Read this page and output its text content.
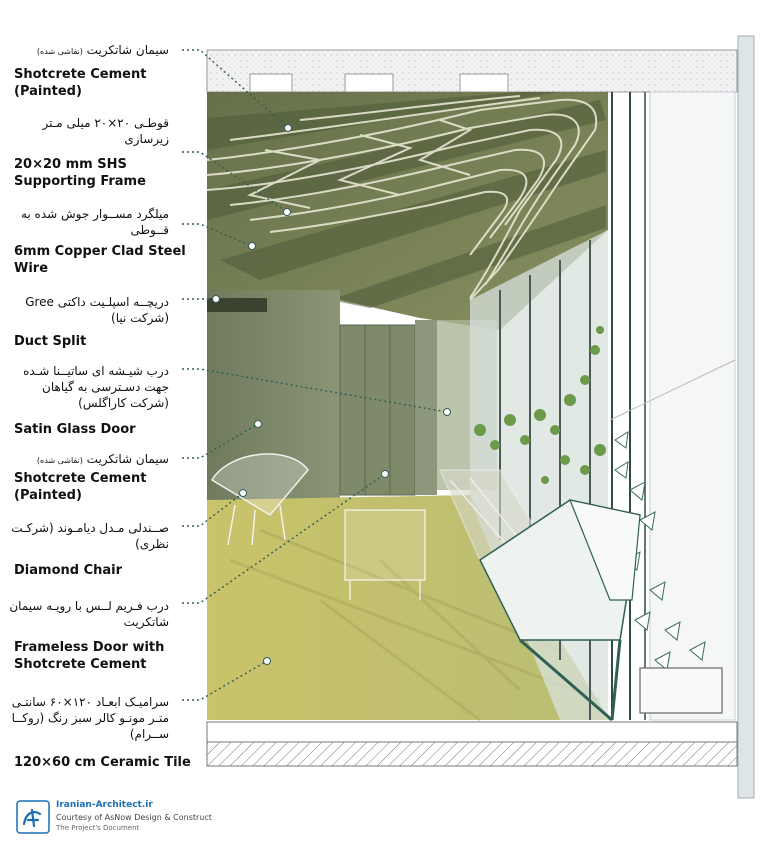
سیمان شاتکریت (نقاشی شده)
Shotcrete Cement (Painted)
قوطـی ۲۰×۲۰ میلی مـتر زیرسازی
20×20 mm SHS Supporting Frame
میلگرد مســوار جوش شده به قــوطی
6mm Copper Clad Steel Wire
دریچــه اسپلـیت داکتی Gree (شرکت نیا)
Duct Split
درب شیـشه ای ساتیــنا شـده جهت دسـترسی به گیاهان (شرکت کاراگلس)
Satin Glass Door
سیمان شاتکریت (نقاشی شده)
Shotcrete Cement (Painted)
صــندلی مـدل دیامـوند (شرکـت نظری)
Diamond Chair
درب فـریم لــس با رویـه سیمان شاتکریت
Frameless Door with Shotcrete Cement
سرامیـک ابعـاد ۱۲۰×۶۰ سانتـی متـر مونـو کالر سبز رنگ (روکــا ســرام)
120×60 cm Ceramic Tile
Iranian-Architect.ir
Courtesy of AsNow Design & Construct
The Project's Document
